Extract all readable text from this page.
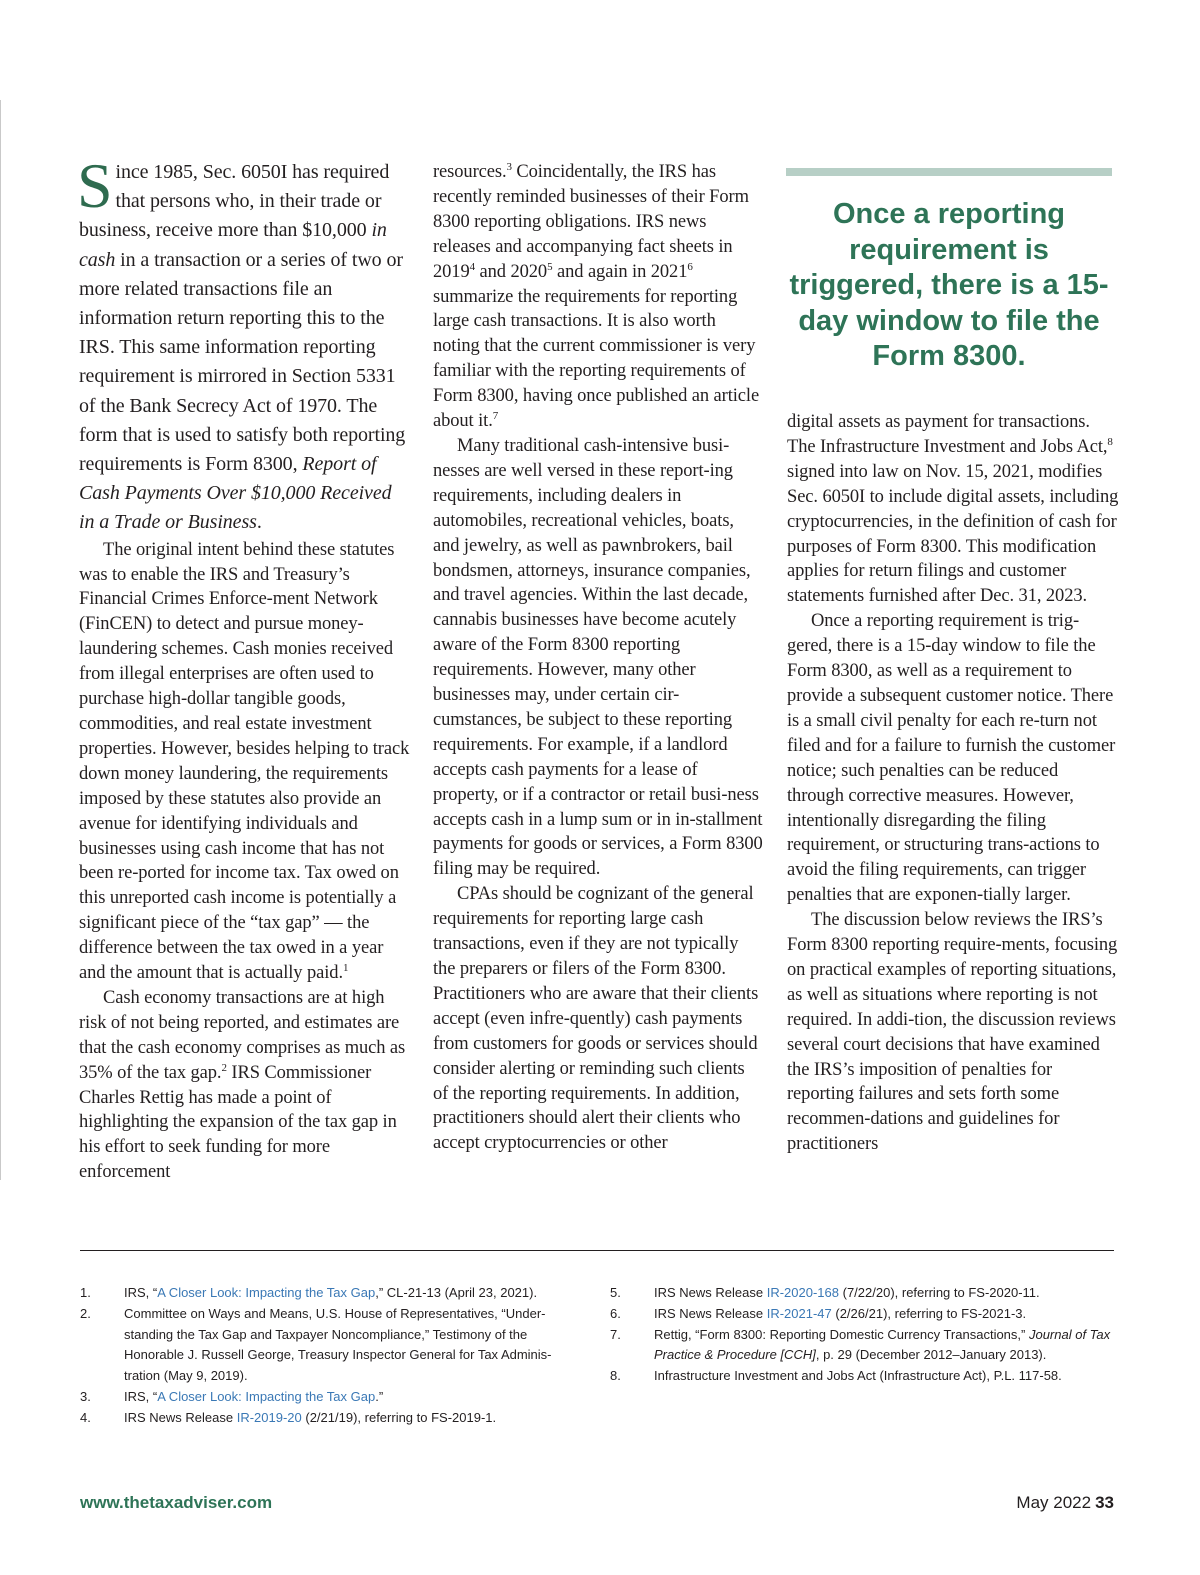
Since 1985, Sec. 6050I has required that persons who, in their trade or business, receive more than $10,000 in cash in a transaction or a series of two or more related transactions file an information return reporting this to the IRS. This same information reporting requirement is mirrored in Section 5331 of the Bank Secrecy Act of 1970. The form that is used to satisfy both reporting requirements is Form 8300, Report of Cash Payments Over $10,000 Received in a Trade or Business.

The original intent behind these statutes was to enable the IRS and Treasury’s Financial Crimes Enforce-ment Network (FinCEN) to detect and pursue money-laundering schemes. Cash monies received from illegal enterprises are often used to purchase high-dollar tangible goods, commodities, and real estate investment properties. However, besides helping to track down money laundering, the requirements imposed by these statutes also provide an avenue for identifying individuals and businesses using cash income that has not been re-ported for income tax. Tax owed on this unreported cash income is potentially a significant piece of the “tax gap” — the difference between the tax owed in a year and the amount that is actually paid.$^1$

Cash economy transactions are at high risk of not being reported, and estimates are that the cash economy comprises as much as 35% of the tax gap.$^2$ IRS Commissioner Charles Rettig has made a point of highlighting the expansion of the tax gap in his effort to seek funding for more enforcement

resources.$^3$ Coincidentally, the IRS has recently reminded businesses of their Form 8300 reporting obligations. IRS news releases and accompanying fact sheets in 2019$^4$ and 2020$^5$ and again in 2021$^6$ summarize the requirements for reporting large cash transactions. It is also worth noting that the current commissioner is very familiar with the reporting requirements of Form 8300, having once published an article about it.$^7$

Many traditional cash-intensive busi-nesses are well versed in these report-ing requirements, including dealers in automobiles, recreational vehicles, boats, and jewelry, as well as pawnbrokers, bail bondsmen, attorneys, insurance companies, and travel agencies. Within the last decade, cannabis businesses have become acutely aware of the Form 8300 reporting requirements. However, many other businesses may, under certain cir-cumstances, be subject to these reporting requirements. For example, if a landlord accepts cash payments for a lease of property, or if a contractor or retail busi-ness accepts cash in a lump sum or in in-stallment payments for goods or services, a Form 8300 filing may be required.

CPAs should be cognizant of the general requirements for reporting large cash transactions, even if they are not typically the preparers or filers of the Form 8300. Practitioners who are aware that their clients accept (even infre-quently) cash payments from customers for goods or services should consider alerting or reminding such clients of the reporting requirements. In addition, practitioners should alert their clients who accept cryptocurrencies or other

Once a reporting requirement is triggered, there is a 15-day window to file the Form 8300.

digital assets as payment for transactions. The Infrastructure Investment and Jobs Act,$^8$ signed into law on Nov. 15, 2021, modifies Sec. 6050I to include digital assets, including cryptocurrencies, in the definition of cash for purposes of Form 8300. This modification applies for return filings and customer statements furnished after Dec. 31, 2023.

Once a reporting requirement is trig-gered, there is a 15-day window to file the Form 8300, as well as a requirement to provide a subsequent customer notice. There is a small civil penalty for each re-turn not filed and for a failure to furnish the customer notice; such penalties can be reduced through corrective measures. However, intentionally disregarding the filing requirement, or structuring trans-actions to avoid the filing requirements, can trigger penalties that are exponen-tially larger.

The discussion below reviews the IRS’s Form 8300 reporting require-ments, focusing on practical examples of reporting situations, as well as situations where reporting is not required. In addi-tion, the discussion reviews several court decisions that have examined the IRS’s imposition of penalties for reporting failures and sets forth some recommen-dations and guidelines for practitioners

1.	IRS, “A Closer Look: Impacting the Tax Gap,” CL-21-13 (April 23, 2021).
2.	Committee on Ways and Means, U.S. House of Representatives, “Under-standing the Tax Gap and Taxpayer Noncompliance,” Testimony of the Honorable J. Russell George, Treasury Inspector General for Tax Adminis-tration (May 9, 2019).
3.	IRS, “A Closer Look: Impacting the Tax Gap.”
4.	IRS News Release IR-2019-20 (2/21/19), referring to FS-2019-1.
5.	IRS News Release IR-2020-168 (7/22/20), referring to FS-2020-11.
6.	IRS News Release IR-2021-47 (2/26/21), referring to FS-2021-3.
7.	Rettig, “Form 8300: Reporting Domestic Currency Transactions,” Journal of Tax Practice & Procedure [CCH], p. 29 (December 2012–January 2013).
8.	Infrastructure Investment and Jobs Act (Infrastructure Act), P.L. 117-58.
www.thetaxadviser.com	May 2022 33
